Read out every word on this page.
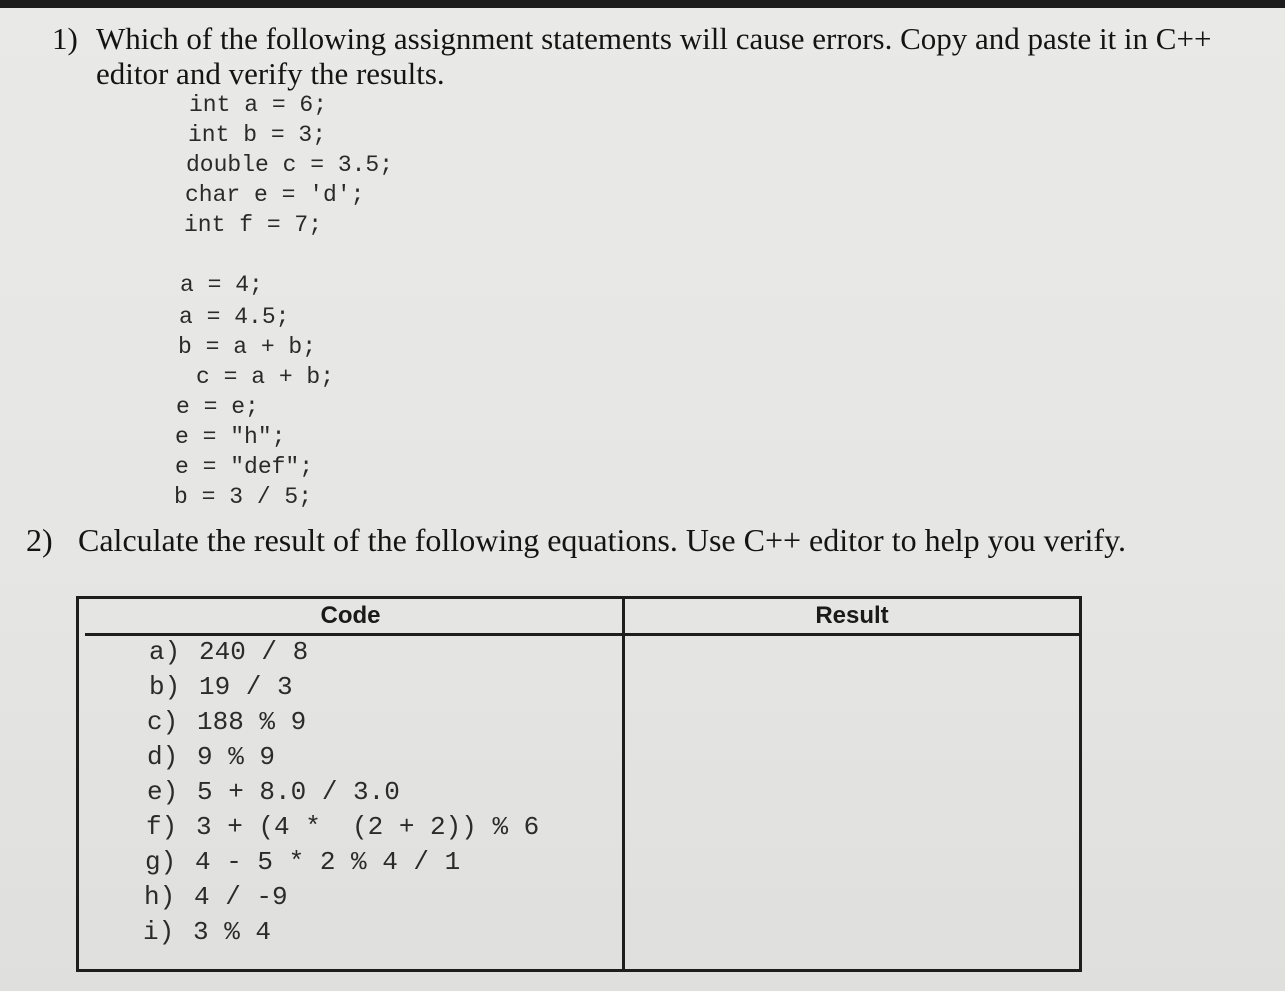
1) Which of the following assignment statements will cause errors. Copy and paste it in C++
editor and verify the results.
int a = 6;
int b = 3;
double c = 3.5;
char e = 'd';
int f = 7;
a = 4;
a = 4.5;
b = a + b;
c = a + b;
e = e;
e = "h";
e = "def";
b = 3 / 5;
2) Calculate the result of the following equations. Use C++ editor to help you verify.
Code	Result
a) 240 / 8
b) 19 / 3
c) 188 % 9
d) 9 % 9
e) 5 + 8.0 / 3.0
f) 3 + (4 *  (2 + 2)) % 6
g) 4 - 5 * 2 % 4 / 1
h) 4 / -9
i) 3 % 4
